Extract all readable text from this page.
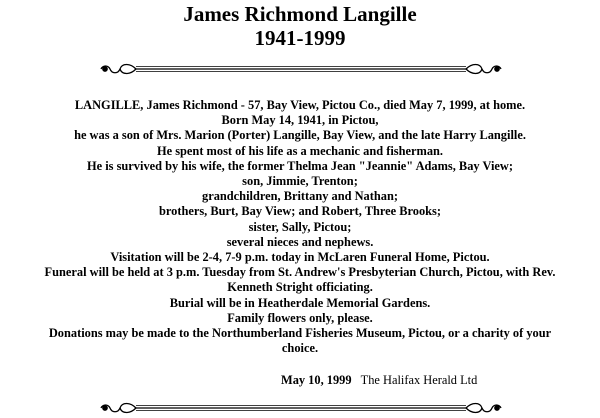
James Richmond Langille
1941-1999
LANGILLE, James Richmond - 57, Bay View, Pictou Co., died May 7, 1999, at home.
Born May 14, 1941, in Pictou,
he was a son of Mrs. Marion (Porter) Langille, Bay View, and the late Harry Langille.
He spent most of his life as a mechanic and fisherman.
He is survived by his wife, the former Thelma Jean "Jeannie" Adams, Bay View;
son, Jimmie, Trenton;
grandchildren, Brittany and Nathan;
brothers, Burt, Bay View; and Robert, Three Brooks;
sister, Sally, Pictou;
several nieces and nephews.
Visitation will be 2-4, 7-9 p.m. today in McLaren Funeral Home, Pictou.
Funeral will be held at 3 p.m. Tuesday from St. Andrew's Presbyterian Church, Pictou, with Rev.
Kenneth Stright officiating.
Burial will be in Heatherdale Memorial Gardens.
Family flowers only, please.
Donations may be made to the Northumberland Fisheries Museum, Pictou, or a charity of your
choice.
May 10, 1999 The Halifax Herald Ltd
